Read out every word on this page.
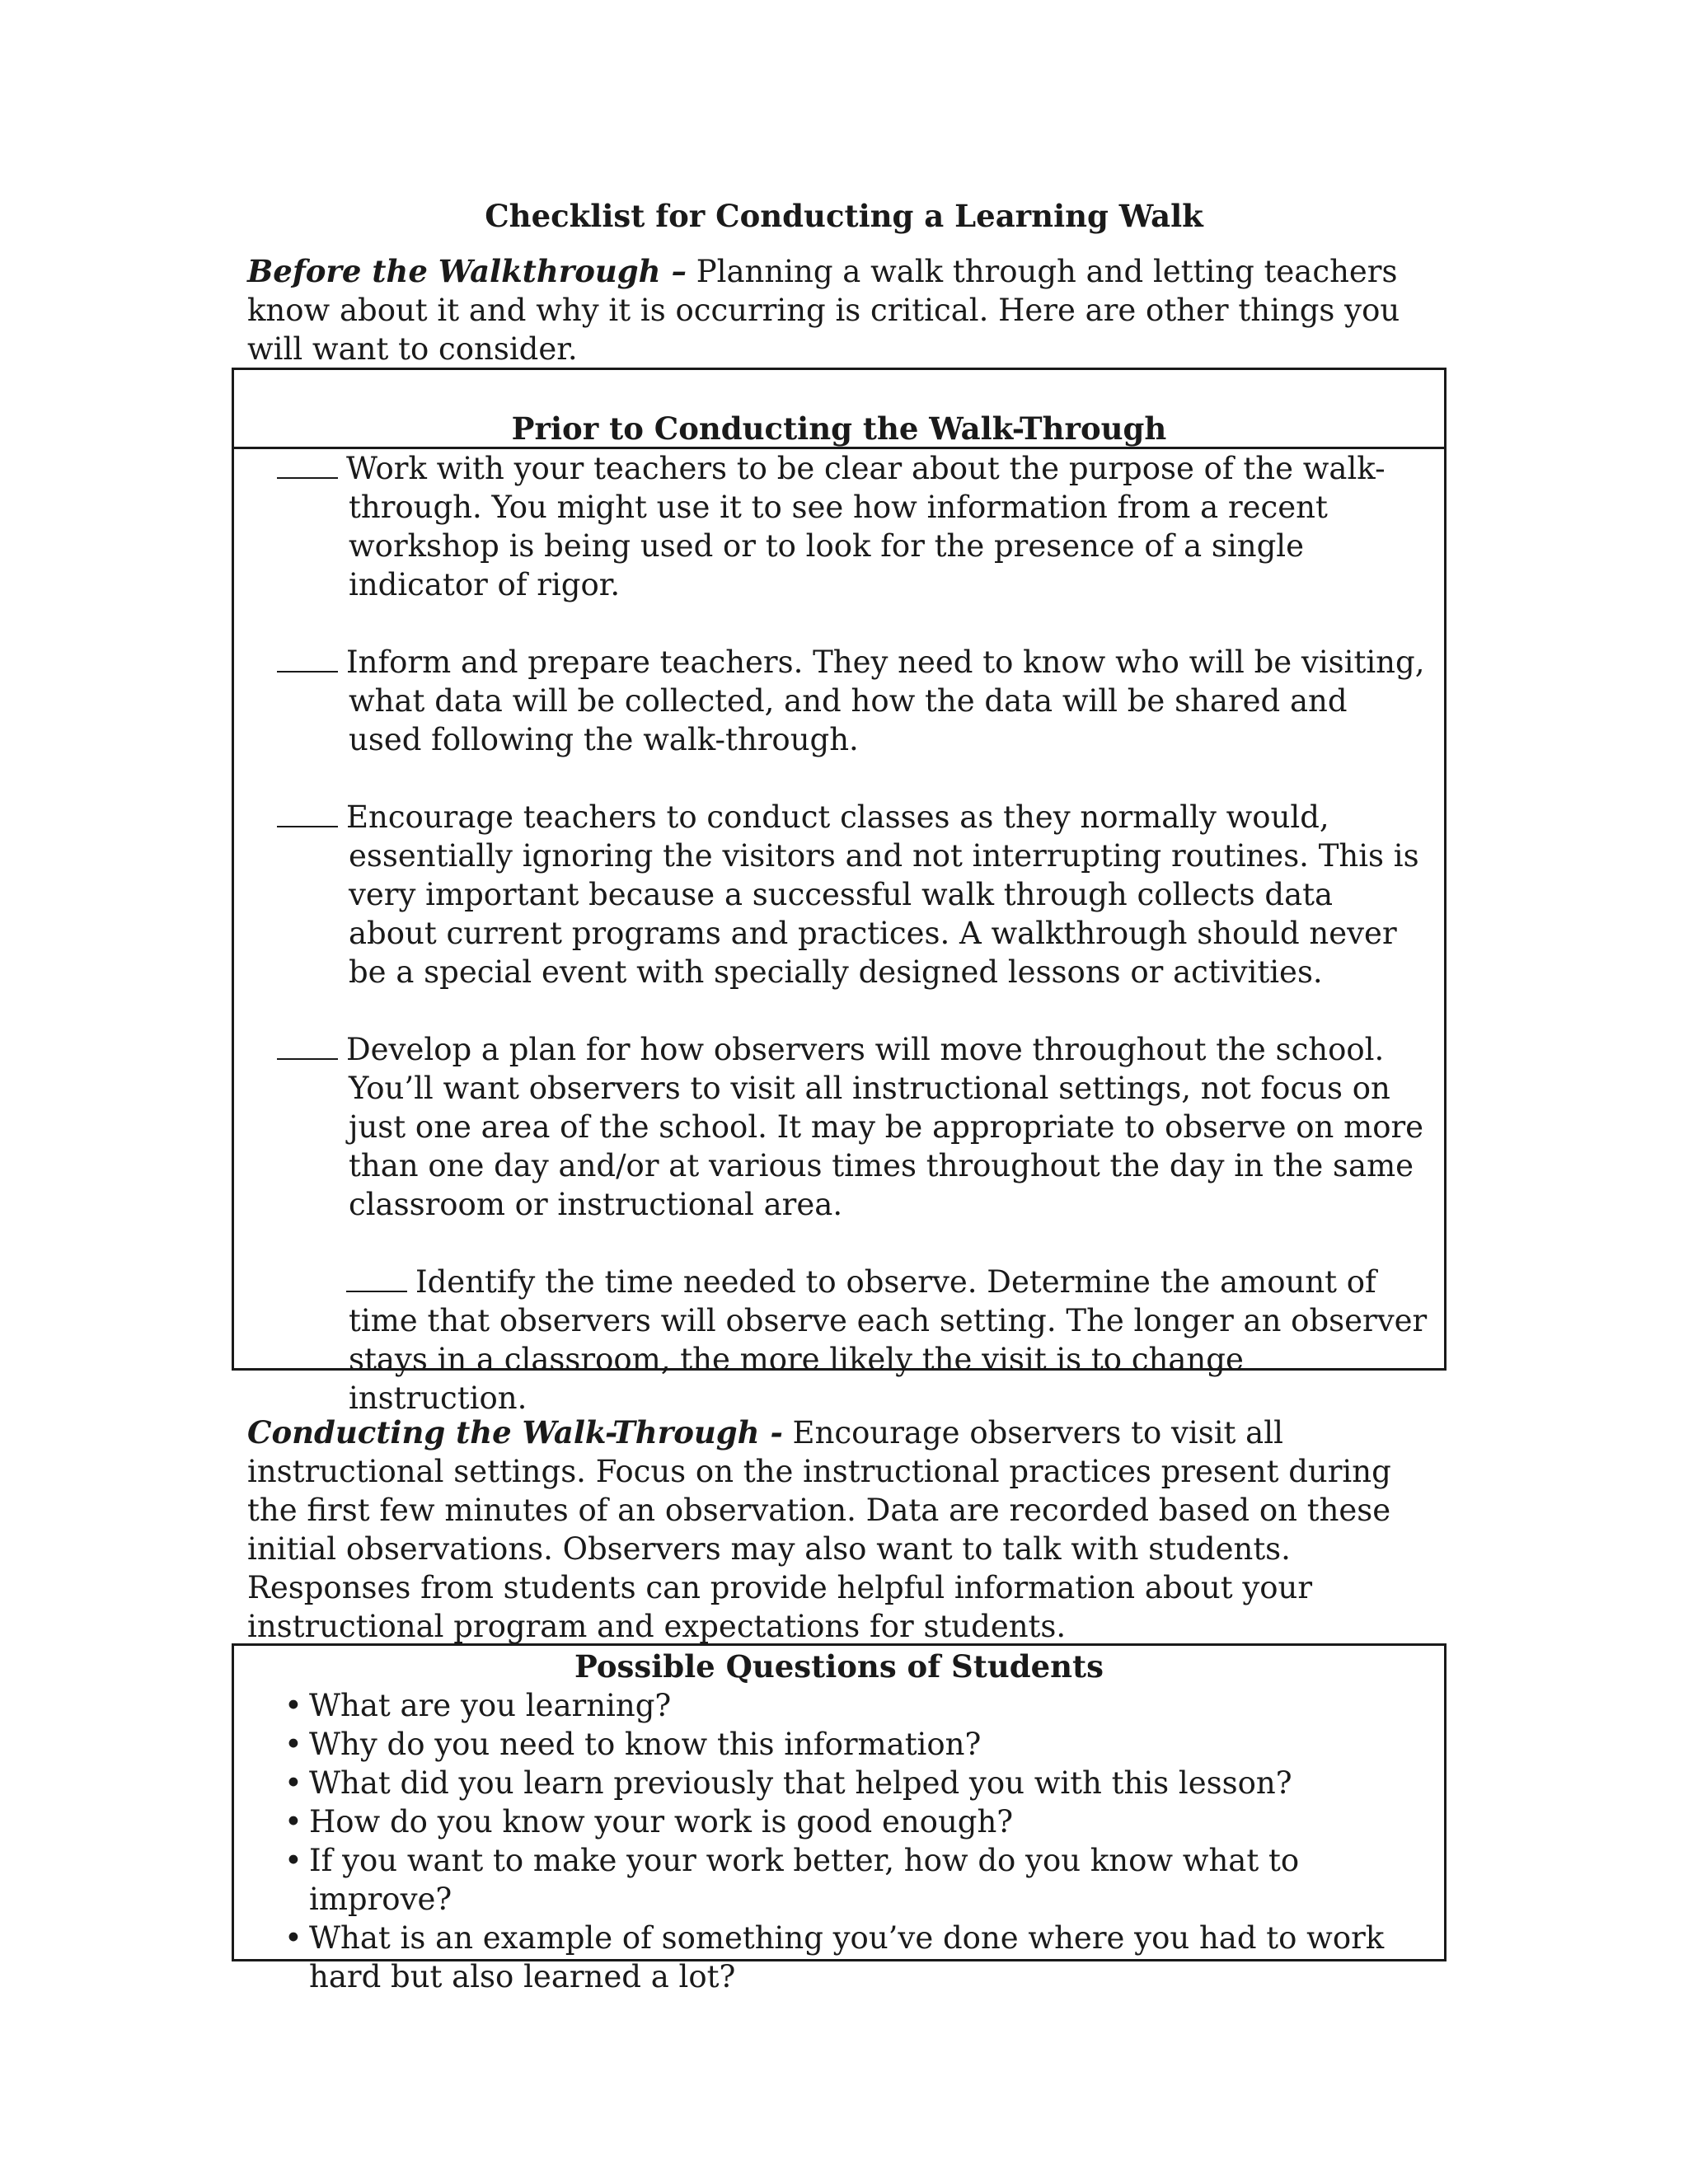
Checklist for Conducting a Learning Walk

Before the Walkthrough – Planning a walk through and letting teachers know about it and why it is occurring is critical. Here are other things you will want to consider.

Prior to Conducting the Walk-Through
Work with your teachers to be clear about the purpose of the walk-through. You might use it to see how information from a recent workshop is being used or to look for the presence of a single indicator of rigor.
Inform and prepare teachers. They need to know who will be visiting, what data will be collected, and how the data will be shared and used following the walk-through.
Encourage teachers to conduct classes as they normally would, essentially ignoring the visitors and not interrupting routines. This is very important because a successful walk through collects data about current programs and practices. A walkthrough should never be a special event with specially designed lessons or activities.
Develop a plan for how observers will move throughout the school. You’ll want observers to visit all instructional settings, not focus on just one area of the school. It may be appropriate to observe on more than one day and/or at various times throughout the day in the same classroom or instructional area.
Identify the time needed to observe. Determine the amount of time that observers will observe each setting. The longer an observer stays in a classroom, the more likely the visit is to change instruction.

Conducting the Walk-Through - Encourage observers to visit all instructional settings. Focus on the instructional practices present during the first few minutes of an observation. Data are recorded based on these initial observations. Observers may also want to talk with students. Responses from students can provide helpful information about your instructional program and expectations for students.

Possible Questions of Students
• What are you learning?
• Why do you need to know this information?
• What did you learn previously that helped you with this lesson?
• How do you know your work is good enough?
• If you want to make your work better, how do you know what to improve?
• What is an example of something you’ve done where you had to work hard but also learned a lot?
